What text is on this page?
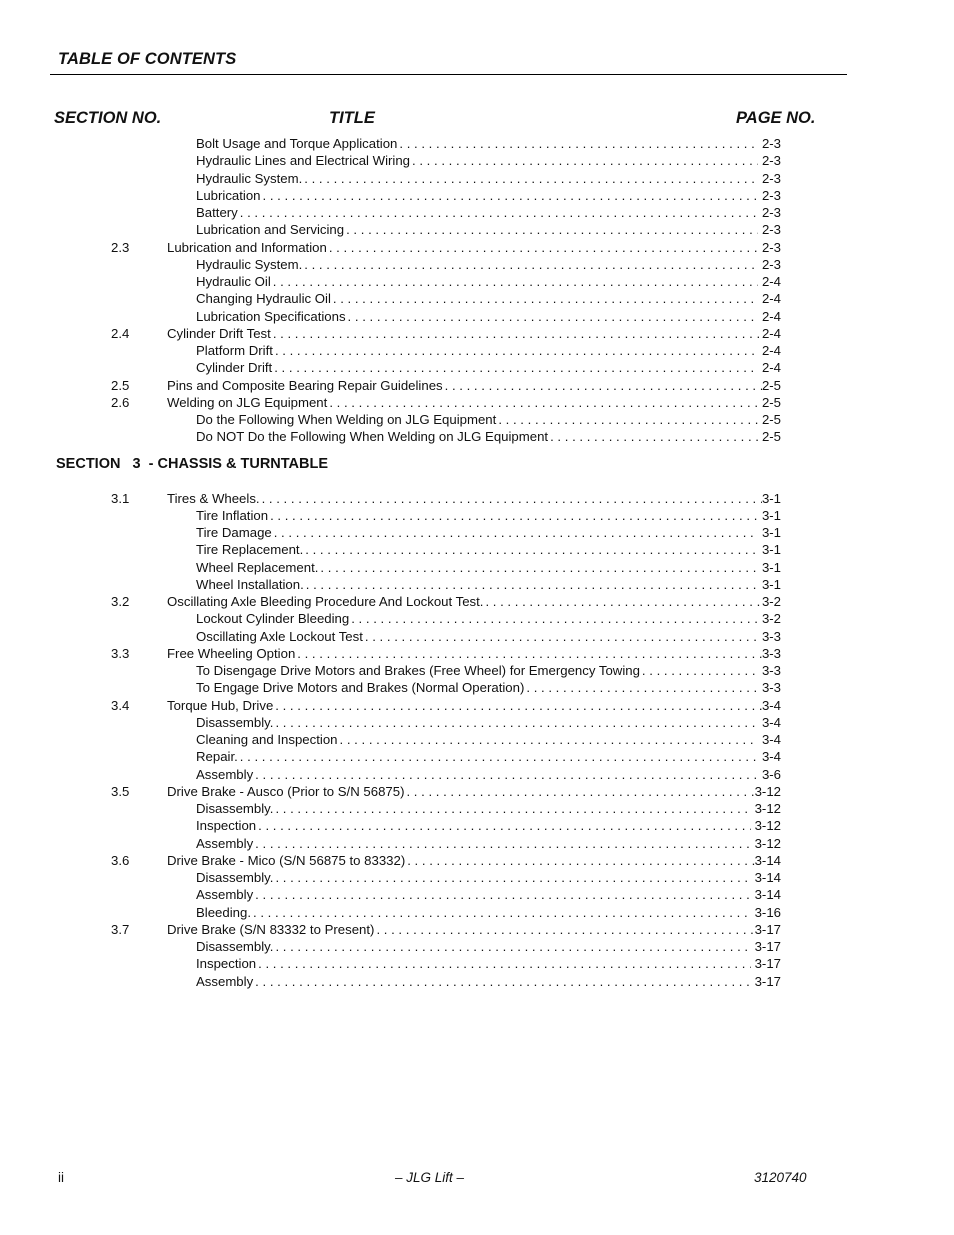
TABLE OF CONTENTS
SECTION NO.	TITLE	PAGE NO.
Bolt Usage and Torque Application . . .	2-3
Hydraulic Lines and Electrical Wiring . . .	2-3
Hydraulic System. . . .	2-3
Lubrication . . .	2-3
Battery . . .	2-3
Lubrication and Servicing . . .	2-3
2.3	Lubrication and Information . . .	2-3
Hydraulic System. . . .	2-3
Hydraulic Oil . . .	2-4
Changing Hydraulic Oil . . .	2-4
Lubrication Specifications . . .	2-4
2.4	Cylinder Drift Test . . .	2-4
Platform Drift . . .	2-4
Cylinder Drift . . .	2-4
2.5	Pins and Composite Bearing Repair Guidelines . . .	2-5
2.6	Welding on JLG Equipment . . .	2-5
Do the Following When Welding on JLG Equipment . . .	2-5
Do NOT Do the Following When Welding on JLG Equipment . . .	2-5
SECTION   3  - CHASSIS & TURNTABLE
3.1	Tires & Wheels. . . .	3-1
Tire Inflation . . .	3-1
Tire Damage . . .	3-1
Tire Replacement. . . .	3-1
Wheel Replacement. . . .	3-1
Wheel Installation. . . .	3-1
3.2	Oscillating Axle Bleeding Procedure And Lockout Test. . . .	3-2
Lockout Cylinder Bleeding . . .	3-2
Oscillating Axle Lockout Test . . .	3-3
3.3	Free Wheeling Option . . .	3-3
To Disengage Drive Motors and Brakes (Free Wheel) for Emergency Towing . . .	3-3
To Engage Drive Motors and Brakes (Normal Operation) . . .	3-3
3.4	Torque Hub, Drive . . .	3-4
Disassembly. . . .	3-4
Cleaning and Inspection . . .	3-4
Repair. . . .	3-4
Assembly . . .	3-6
3.5	Drive Brake - Ausco (Prior to S/N 56875) . . .	3-12
Disassembly. . . .	3-12
Inspection . . .	3-12
Assembly . . .	3-12
3.6	Drive Brake - Mico (S/N 56875 to 83332) . . .	3-14
Disassembly. . . .	3-14
Assembly . . .	3-14
Bleeding. . . .	3-16
3.7	Drive Brake (S/N 83332 to Present) . . .	3-17
Disassembly. . . .	3-17
Inspection . . .	3-17
Assembly . . .	3-17
ii	– JLG Lift –	3120740
